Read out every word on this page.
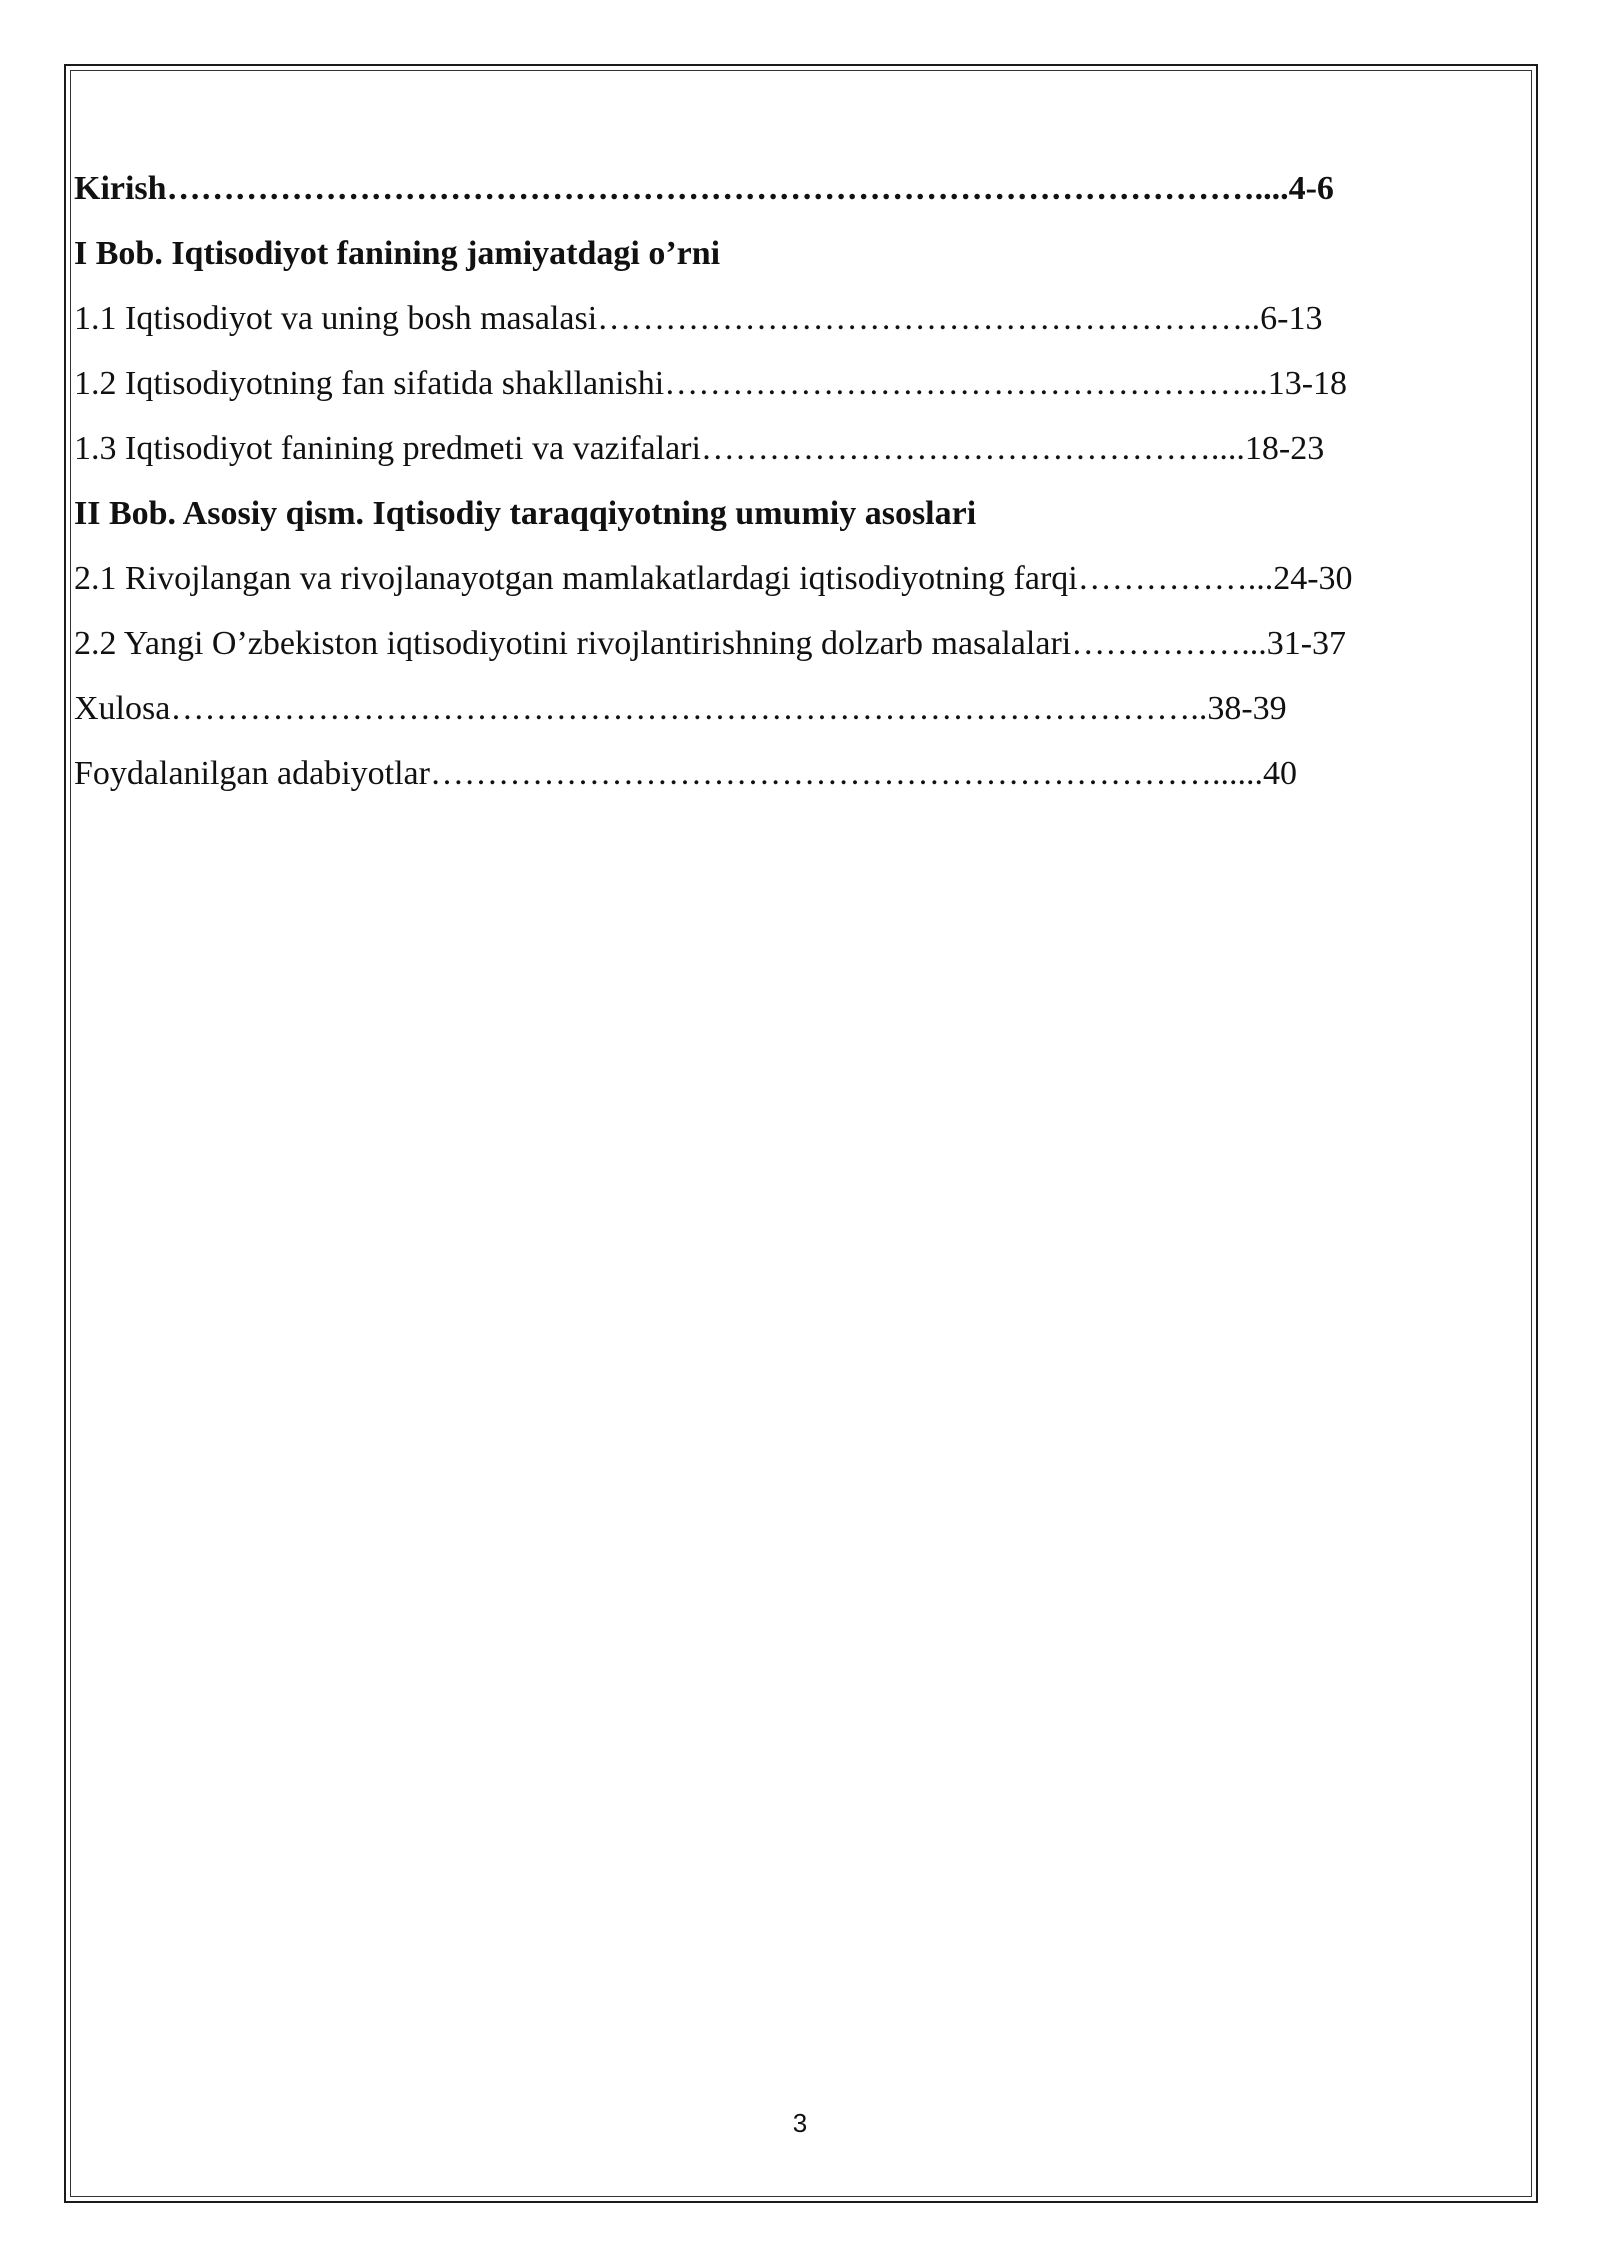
Kirish……………………………………………………………………………………....4-6
I Bob. Iqtisodiyot fanining jamiyatdagi o’rni
1.1 Iqtisodiyot va uning bosh masalasi…………………………………………………..6-13
1.2 Iqtisodiyotning fan sifatida shakllanishi……………………………………………...13-18
1.3 Iqtisodiyot fanining predmeti va vazifalari………………………………………....18-23
II Bob. Asosiy qism. Iqtisodiy taraqqiyotning umumiy asoslari
2.1 Rivojlangan va rivojlanayotgan mamlakatlardagi iqtisodiyotning farqi……………...24-30
2.2 Yangi O’zbekiston iqtisodiyotini rivojlantirishning dolzarb masalalari……………...31-37
Xulosa………………………………………………………………………………..38-39
Foydalanilgan adabiyotlar……………………………………………………………......40
3
